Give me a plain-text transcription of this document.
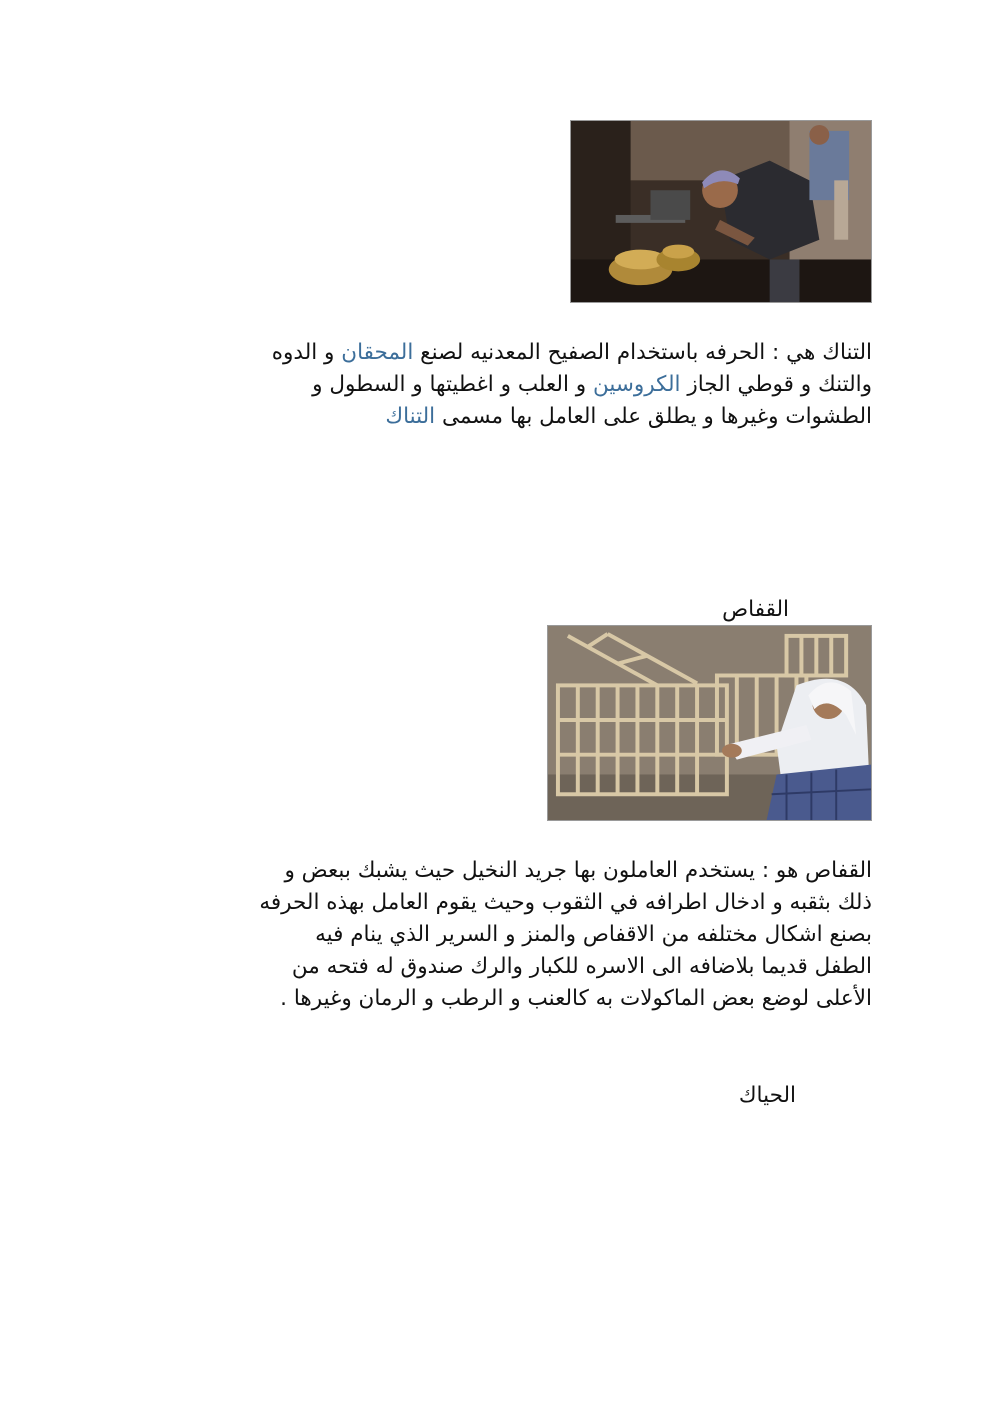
التناك هي : الحرفه باستخدام الصفيح المعدنيه لصنع المحقان و الدوه
والتنك و قوطي الجاز الكروسين و العلب و اغطيتها و السطول و
الطشوات وغيرها و يطلق على العامل بها مسمى التناك

القفاص

القفاص هو : يستخدم العاملون بها جريد النخيل حيث يشبك ببعض و
ذلك بثقبه و ادخال اطرافه في الثقوب وحيث يقوم العامل بهذه الحرفه
بصنع اشكال مختلفه من الاقفاص والمنز و السرير الذي ينام فيه
الطفل قديما بلاضافه الى الاسره للكبار والرك صندوق له فتحه من
الأعلى لوضع بعض الماكولات به كالعنب و الرطب و الرمان وغيرها .

الحياك
